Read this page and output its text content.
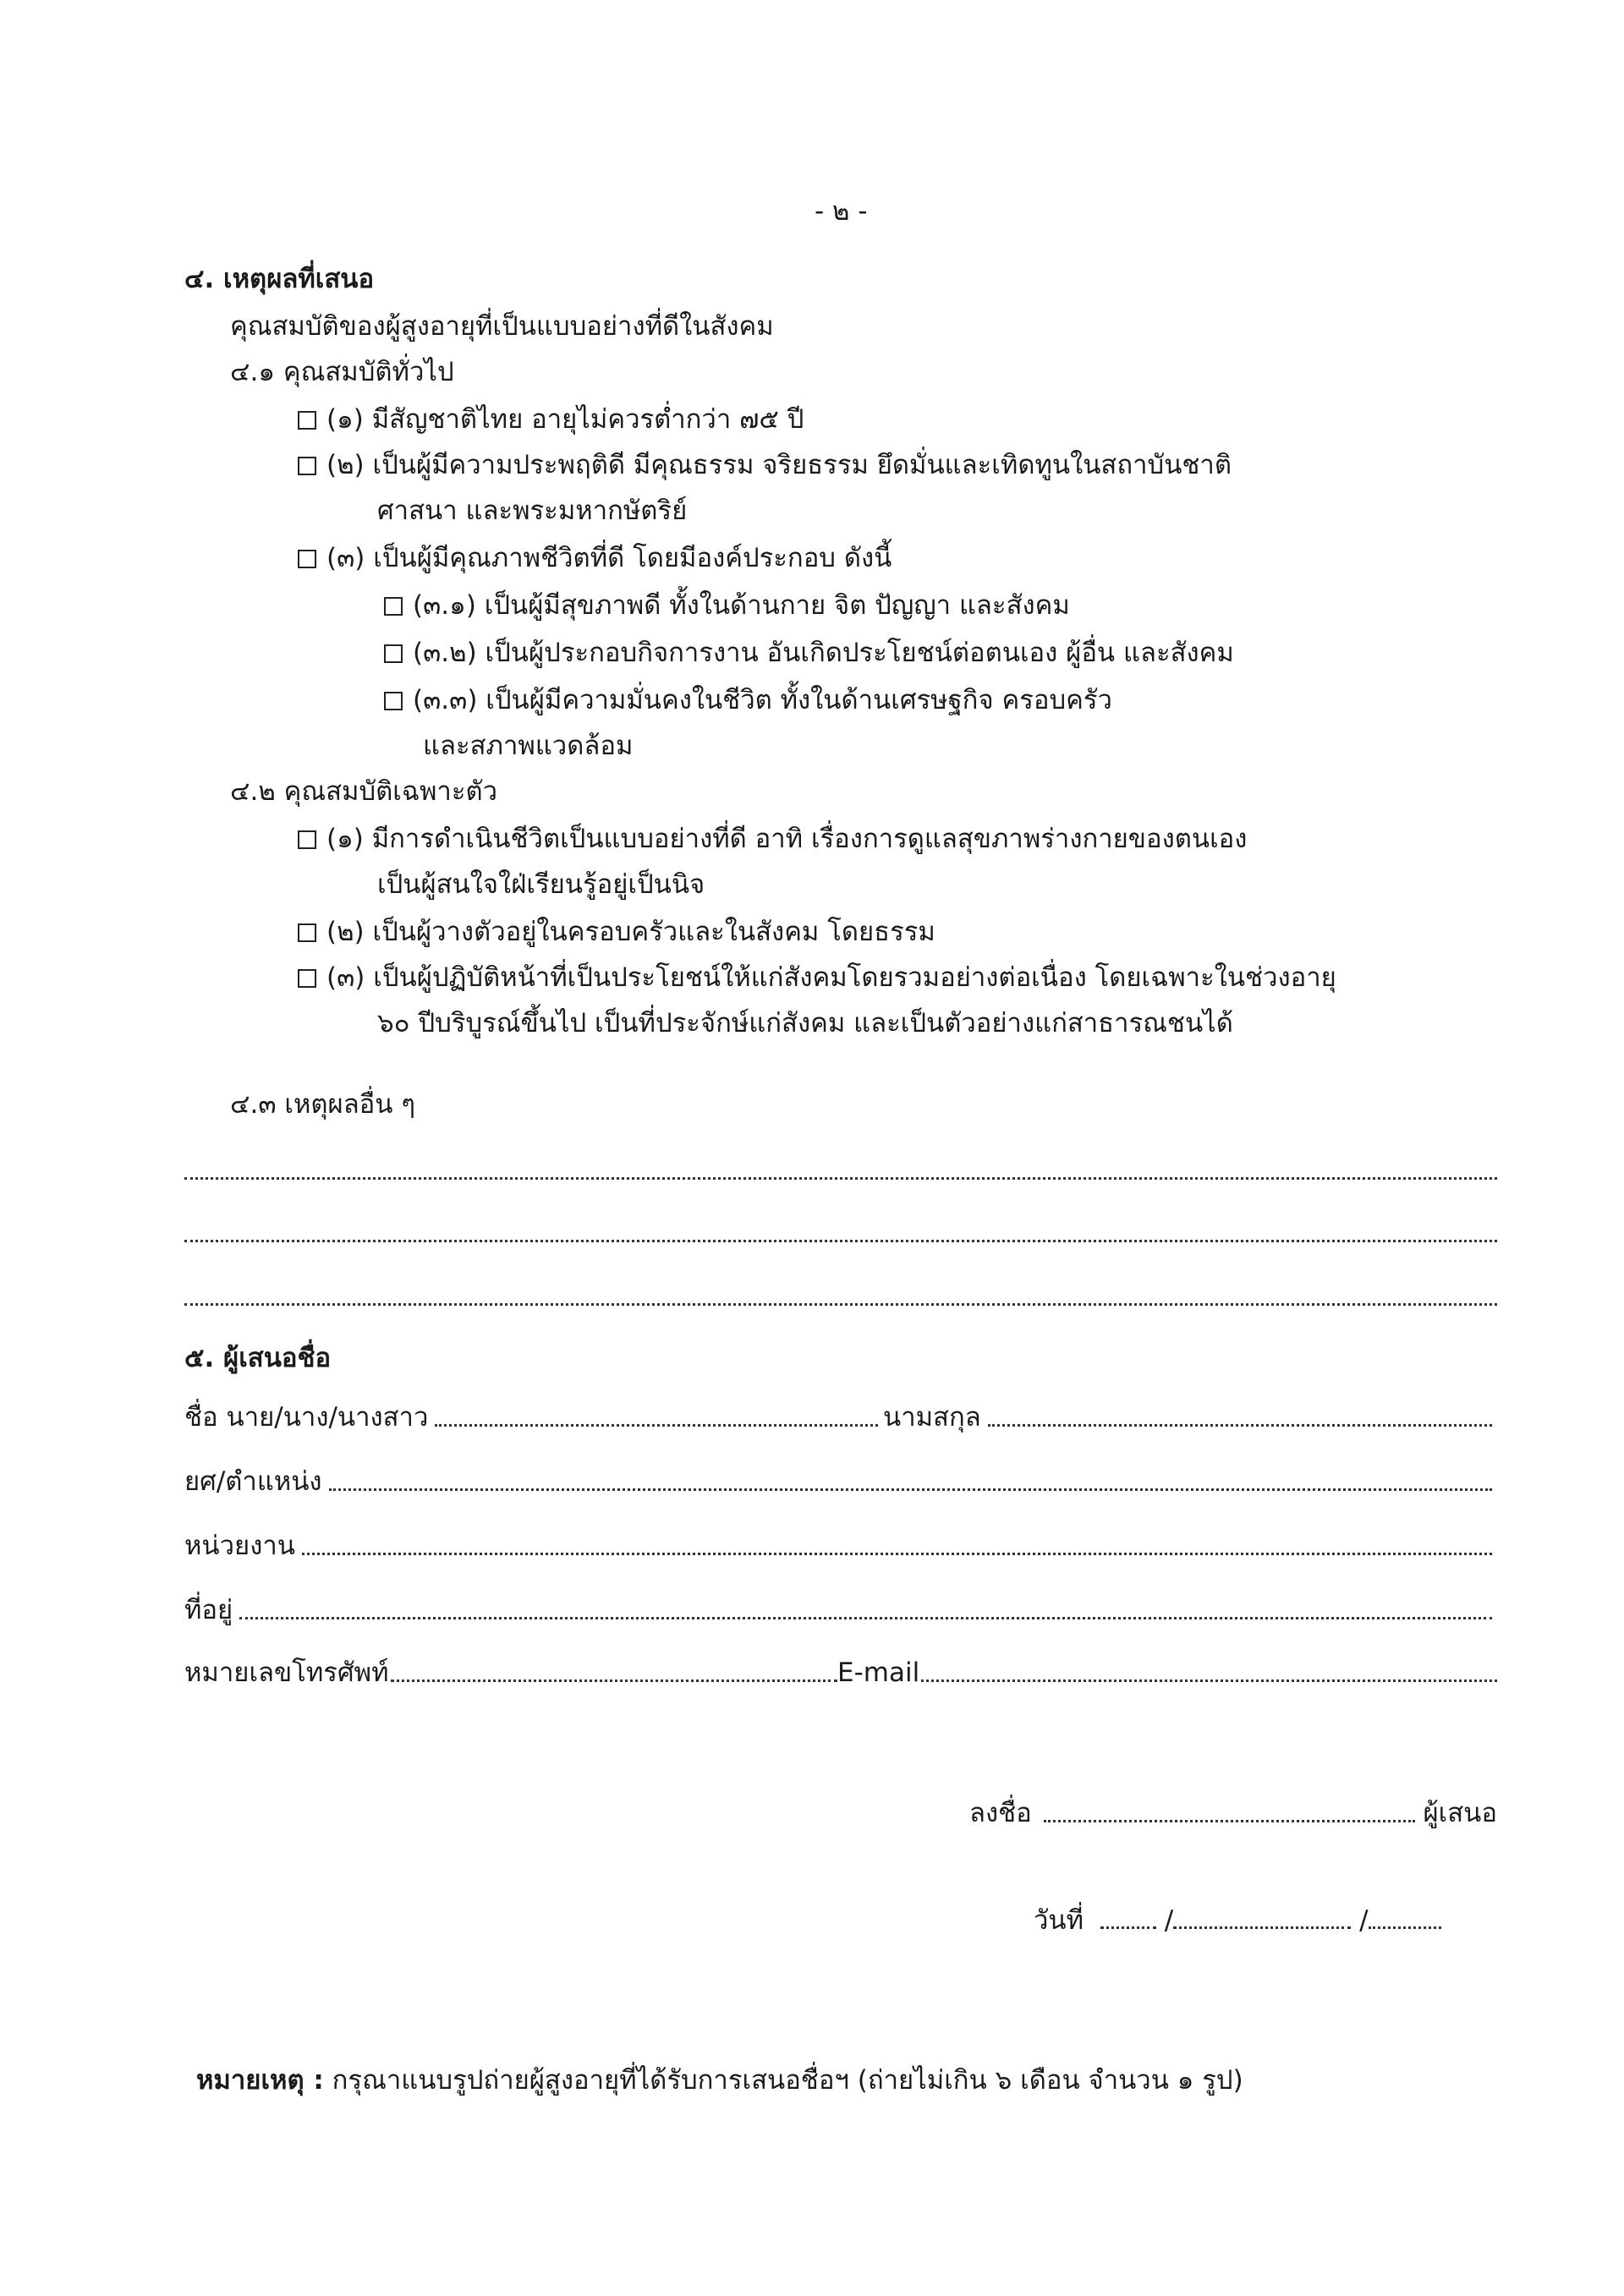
- ๒ -
๔. เหตุผลที่เสนอ
คุณสมบัติของผู้สูงอายุที่เป็นแบบอย่างที่ดีในสังคม
๔.๑ คุณสมบัติทั่วไป
(๑) มีสัญชาติไทย อายุไม่ควรต่ำกว่า ๗๕ ปี
(๒) เป็นผู้มีความประพฤติดี มีคุณธรรม จริยธรรม ยึดมั่นและเทิดทูนในสถาบันชาติ
ศาสนา และพระมหากษัตริย์
(๓) เป็นผู้มีคุณภาพชีวิตที่ดี โดยมีองค์ประกอบ ดังนี้
(๓.๑) เป็นผู้มีสุขภาพดี ทั้งในด้านกาย จิต ปัญญา และสังคม
(๓.๒) เป็นผู้ประกอบกิจการงาน อันเกิดประโยชน์ต่อตนเอง ผู้อื่น และสังคม
(๓.๓) เป็นผู้มีความมั่นคงในชีวิต ทั้งในด้านเศรษฐกิจ ครอบครัว
และสภาพแวดล้อม
๔.๒ คุณสมบัติเฉพาะตัว
(๑) มีการดำเนินชีวิตเป็นแบบอย่างที่ดี อาทิ เรื่องการดูแลสุขภาพร่างกายของตนเอง
เป็นผู้สนใจใฝ่เรียนรู้อยู่เป็นนิจ
(๒) เป็นผู้วางตัวอยู่ในครอบครัวและในสังคม โดยธรรม
(๓) เป็นผู้ปฏิบัติหน้าที่เป็นประโยชน์ให้แก่สังคมโดยรวมอย่างต่อเนื่อง โดยเฉพาะในช่วงอายุ
๖๐ ปีบริบูรณ์ขึ้นไป เป็นที่ประจักษ์แก่สังคม และเป็นตัวอย่างแก่สาธารณชนได้
๔.๓ เหตุผลอื่น ๆ
๕. ผู้เสนอชื่อ
ชื่อ นาย/นาง/นางสาว	นามสกุล
ยศ/ตำแหน่ง
หน่วยงาน
ที่อยู่
หมายเลขโทรศัพท์	E-mail
ลงชื่อ	ผู้เสนอ
วันที่	/	/
หมายเหตุ : กรุณาแนบรูปถ่ายผู้สูงอายุที่ได้รับการเสนอชื่อฯ (ถ่ายไม่เกิน ๖ เดือน จำนวน ๑ รูป)
